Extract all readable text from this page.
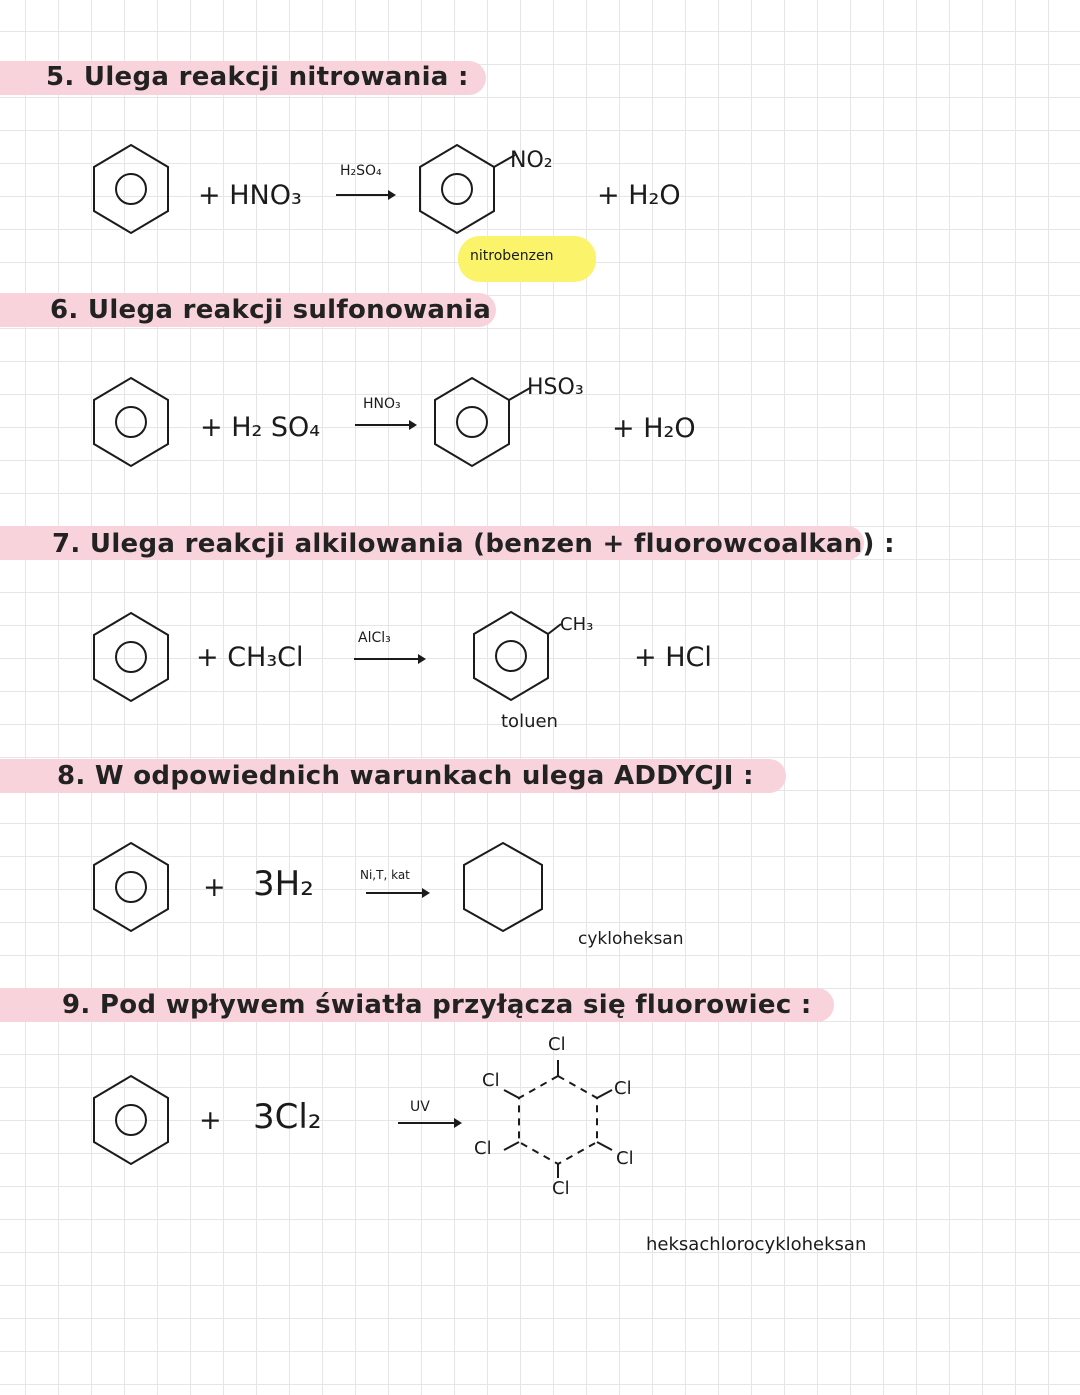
5. Ulega reakcji nitrowania :
+ HNO₃
H₂SO₄	NO₂
+ H₂O
nitrobenzen
6. Ulega reakcji sulfonowania
+ H₂ SO₄
HNO₃
HSO₃
+ H₂O
7. Ulega reakcji alkilowania (benzen + fluorowcoalkan) :
+ CH₃Cl
AlCl₃
CH₃
+ HCl
toluen
8. W odpowiednich warunkach ulega ADDYCJI :
+ 3H₂	Ni,T, kat
cykloheksan
9. Pod wpływem światła przyłącza się fluorowiec :
+ 3Cl₂	UV
Cl
Cl
Cl
Cl
Cl
Cl
heksachlorocykloheksan
